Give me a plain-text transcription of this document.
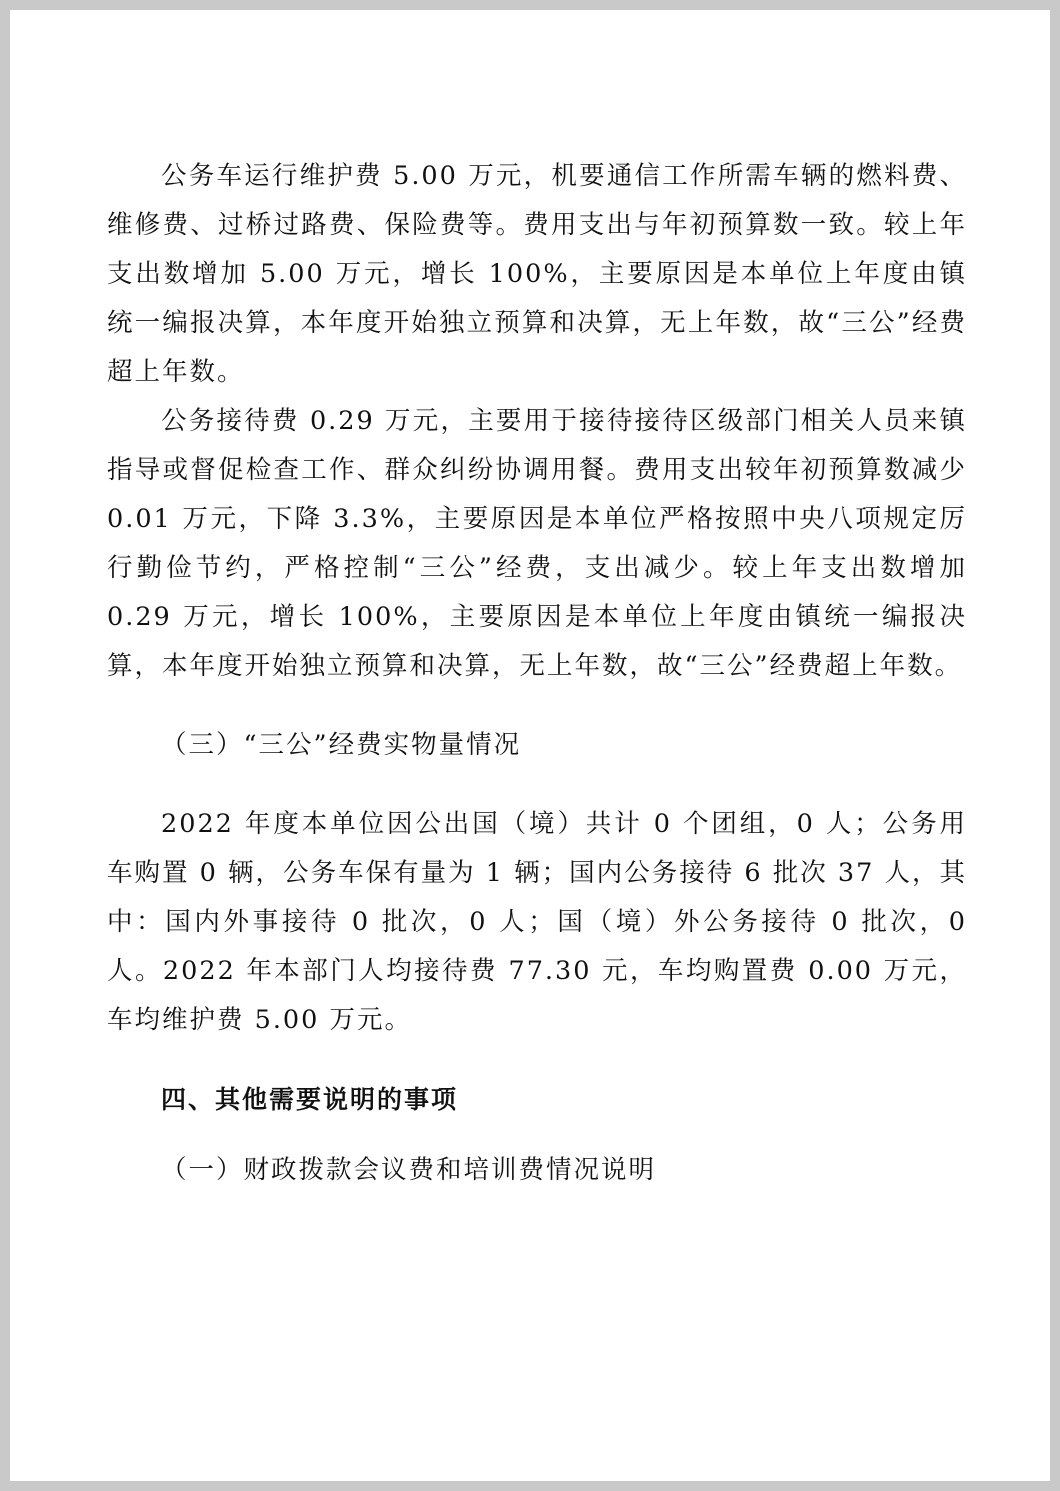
公务车运行维护费 5.00 万元，机要通信工作所需车辆的燃料费、维修费、过桥过路费、保险费等。费用支出与年初预算数一致。较上年支出数增加 5.00 万元，增长 100%，主要原因是本单位上年度由镇统一编报决算，本年度开始独立预算和决算，无上年数，故“三公”经费超上年数。

公务接待费 0.29 万元，主要用于接待接待区级部门相关人员来镇指导或督促检查工作、群众纠纷协调用餐。费用支出较年初预算数减少 0.01 万元，下降 3.3%，主要原因是本单位严格按照中央八项规定厉行勤俭节约，严格控制“三公”经费，支出减少。较上年支出数增加 0.29 万元，增长 100%，主要原因是本单位上年度由镇统一编报决算，本年度开始独立预算和决算，无上年数，故“三公”经费超上年数。

（三）“三公”经费实物量情况

2022 年度本单位因公出国（境）共计 0 个团组，0 人；公务用车购置 0 辆，公务车保有量为 1 辆；国内公务接待 6 批次 37 人，其中：国内外事接待 0 批次，0 人；国（境）外公务接待 0 批次，0 人。2022 年本部门人均接待费 77.30 元，车均购置费 0.00 万元，车均维护费 5.00 万元。

四、其他需要说明的事项

（一）财政拨款会议费和培训费情况说明
